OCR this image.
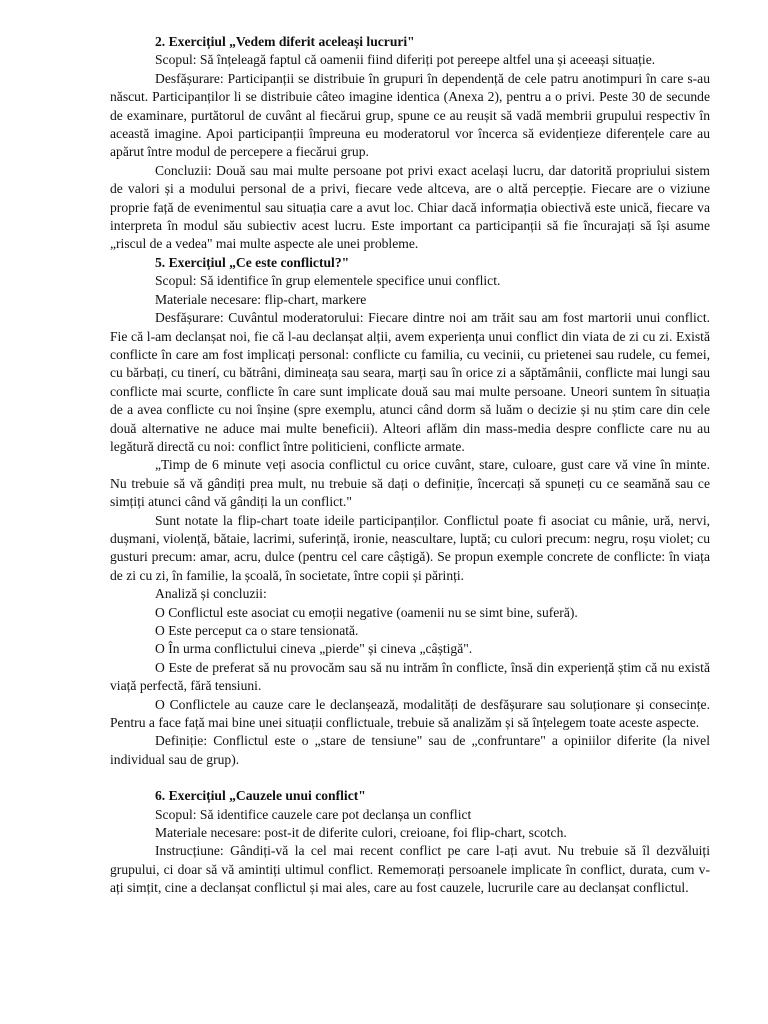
2. Exercițiul „Vedem diferit aceleași lucruri"

Scopul: Să înțeleagă faptul că oamenii fiind diferiți pot pereepe altfel una și aceeași situație.

Desfășurare: Participanții se distribuie în grupuri în dependență de cele patru anotimpuri în care s-au născut. Participanților li se distribuie câteo imagine identica (Anexa 2), pentru a o privi. Peste 30 de secunde de examinare, purtătorul de cuvânt al fiecărui grup, spune ce au reușit să vadă membrii grupului respectiv în această imagine. Apoi participanții împreuna eu moderatorul vor încerca să evidențieze diferențele care au apărut între modul de percepere a fiecărui grup.

Concluzii: Două sau mai multe persoane pot privi exact același lucru, dar datorită propriului sistem de valori și a modului personal de a privi, fiecare vede altceva, are o altă percepție. Fiecare are o viziune proprie față de evenimentul sau situația care a avut loc. Chiar dacă informația obiectivă este unică, fiecare va interpreta în modul său subiectiv acest lucru. Este important ca participanții să fie încurajați să își asume „riscul de a vedea" mai multe aspecte ale unei probleme.

5. Exercițiul „Ce este conflictul?"

Scopul: Să identifice în grup elementele specifice unui conflict.

Materiale necesare: flip-chart, markere

Desfășurare: Cuvântul moderatorului: Fiecare dintre noi am trăit sau am fost martorii unui conflict. Fie că l-am declanșat noi, fie că l-au declanșat alții, avem experiența unui conflict din viata de zi cu zi. Există conflicte în care am fost implicați personal: conflicte cu familia, cu vecinii, cu prietenei sau rudele, cu femei, cu bărbați, cu tinerí, cu bătrâni, dimineața sau seara, marți sau în orice zi a săptămânii, conflicte mai lungi sau conflicte mai scurte, conflicte în care sunt implicate două sau mai multe persoane. Uneori suntem în situația de a avea conflicte cu noi înșine (spre exemplu, atunci când dorm să luăm o decizie și nu știm care din cele două alternative ne aduce mai multe beneficii). Alteori aflăm din mass-media despre conflicte care nu au legătură directă cu noi: conflict între politicieni, conflicte armate.

„Timp de 6 minute veți asocia conflictul cu orice cuvânt, stare, culoare, gust care vă vine în minte. Nu trebuie să vă gândiți prea mult, nu trebuie să dați o definiție, încercați să spuneți cu ce seamănă sau ce simțiți atunci când vă gândiți la un conflict."

Sunt notate la flip-chart toate ideile participanților. Conflictul poate fi asociat cu mânie, ură, nervi, dușmani, violență, bătaie, lacrimi, suferință, ironie, neascultare, luptă; cu culori precum: negru, roșu violet; cu gusturi precum: amar, acru, dulce (pentru cel care câștigă). Se propun exemple concrete de conflicte: în viața de zi cu zi, în familie, la școală, în societate, între copii și părinți.

Analiză și concluzii:

O Conflictul este asociat cu emoții negative (oamenii nu se simt bine, suferă).

O Este perceput ca o stare tensionată.

O În urma conflictului cineva „pierde" și cineva „câștigă".

O Este de preferat să nu provocăm sau să nu intrăm în conflicte, însă din experiență știm că nu există viață perfectă, fără tensiuni.

O Conflictele au cauze care le declanșează, modalități de desfășurare sau soluționare și consecințe. Pentru a face față mai bine unei situații conflictuale, trebuie să analizăm și să înțelegem toate aceste aspecte.

Definiție: Conflictul este o „stare de tensiune" sau de „confruntare" a opiniilor diferite (la nivel individual sau de grup).

6. Exercițiul „Cauzele unui conflict"

Scopul: Să identifice cauzele care pot declanșa un conflict

Materiale necesare: post-it de diferite culori, creioane, foi flip-chart, scotch.

Instrucțiune: Gândiți-vă la cel mai recent conflict pe care l-ați avut. Nu trebuie să îl dezvăluiți grupului, ci doar să vă amintiți ultimul conflict. Rememorați persoanele implicate în conflict, durata, cum v-ați simțit, cine a declanșat conflictul și mai ales, care au fost cauzele, lucrurile care au declanșat conflictul.
